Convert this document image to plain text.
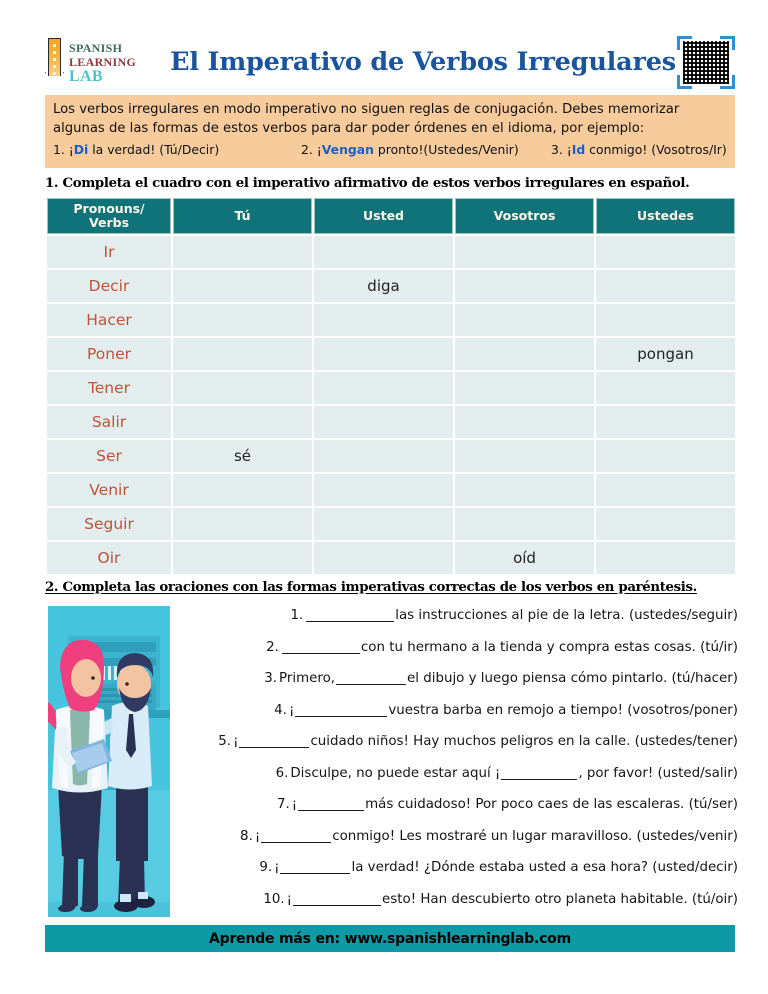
SPANISH
LEARNING
LAB	El Imperativo de Verbos Irregulares

Los verbos irregulares en modo imperativo no siguen reglas de conjugación. Debes memorizar

algunas de las formas de estos verbos para dar poder órdenes en el idioma, por ejemplo:

1. ¡Di la verdad! (Tú/Decir)	2. ¡Vengan pronto!(Ustedes/Venir)	3. ¡Id conmigo! (Vosotros/Ir)
1. Completa el cuadro con el imperativo afirmativo de estos verbos irregulares en español.
Pronouns/
Verbs	Tú	Usted	Vosotros	Ustedes
Ir				
Decir		diga		
Hacer				
Poner				pongan
Tener				
Salir				
Ser	sé			
Venir				
Seguir				
Oir			oíd	
2. Completa las oraciones con las formas imperativas correctas de los verbos en paréntesis.
1.	las instrucciones al pie de la letra. (ustedes/seguir)
2.	con tu hermano a la tienda y compra estas cosas. (tú/ir)
3. Primero,	el dibujo y luego piensa cómo pintarlo. (tú/hacer)
4. ¡	vuestra barba en remojo a tiempo! (vosotros/poner)
5. ¡	cuidado niños! Hay muchos peligros en la calle. (ustedes/tener)
6. Disculpe, no puede estar aquí ¡	, por favor! (usted/salir)
7. ¡	más cuidadoso! Por poco caes de las escaleras. (tú/ser)
8. ¡	conmigo! Les mostraré un lugar maravilloso. (ustedes/venir)
9. ¡	la verdad! ¿Dónde estaba usted a esa hora? (usted/decir)
10. ¡	esto! Han descubierto otro planeta habitable. (tú/oir)
Aprende más en: www.spanishlearninglab.com
